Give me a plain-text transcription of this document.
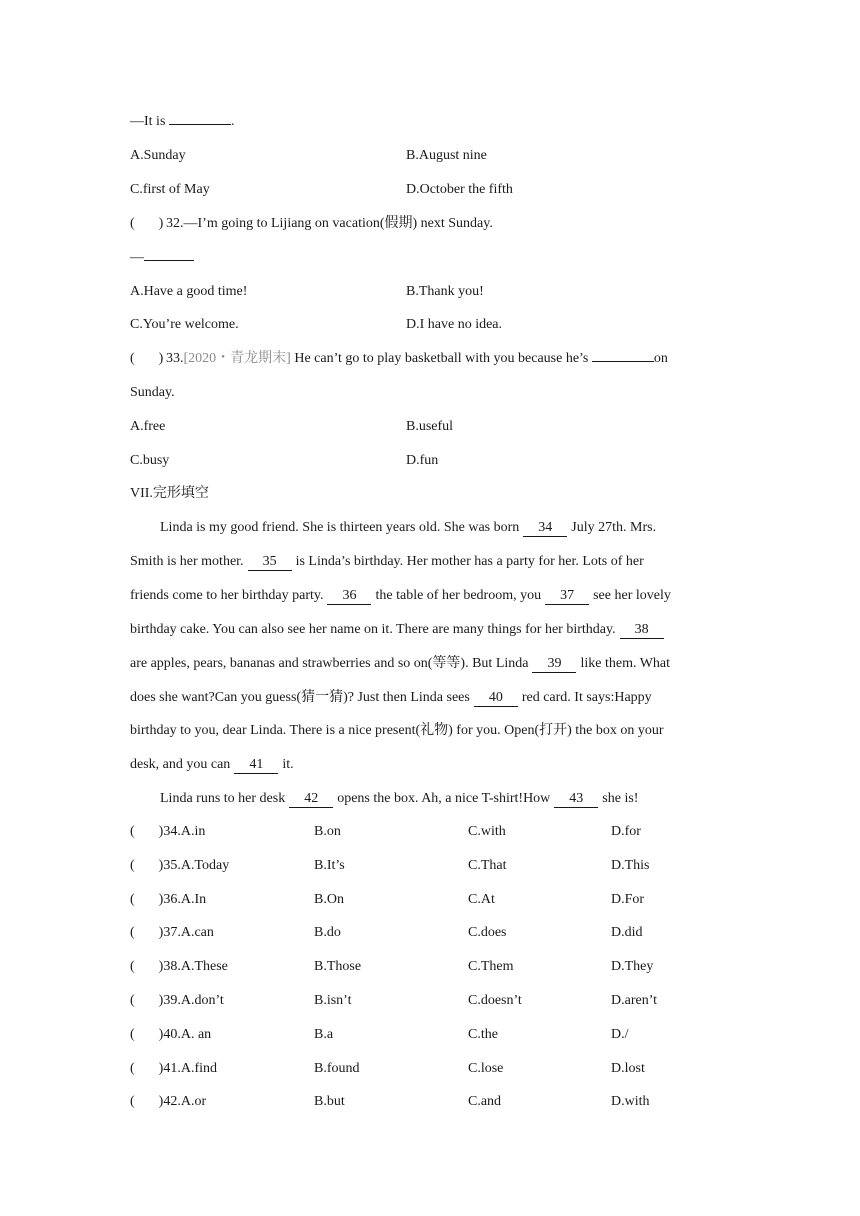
—It is	.
A.Sunday	B.August nine
C.first of May	D.October the fifth
( ) 32.—I’m going to Lijiang on vacation(假期) next Sunday.
—
A.Have a good time!	B.Thank you!
C.You’re welcome.	D.I have no idea.
( ) 33.[2020・青龙期末] He can’t go to play basketball with you because he’s	on
Sunday.
A.free	B.useful
C.busy	D.fun
VII.完形填空
Linda is my good friend. She is thirteen years old. She was born 34 July 27th. Mrs.
Smith is her mother. 35 is Linda’s birthday. Her mother has a party for her. Lots of her
friends come to her birthday party. 36 the table of her bedroom, you 37 see her lovely
birthday cake. You can also see her name on it. There are many things for her birthday. 38
are apples, pears, bananas and strawberries and so on(等等). But Linda 39 like them. What
does she want?Can you guess(猜一猜)? Just then Linda sees 40 red card. It says:Happy
birthday to you, dear Linda. There is a nice present(礼物) for you. Open(打开) the box on your
desk, and you can 41 it.
Linda runs to her desk 42 opens the box. Ah, a nice T-shirt!How 43 she is!
( )34.A.in	B.on	C.with	D.for
( )35.A.Today	B.It’s	C.That	D.This
( )36.A.In	B.On	C.At	D.For
( )37.A.can	B.do	C.does	D.did
( )38.A.These	B.Those	C.Them	D.They
( )39.A.don’t	B.isn’t	C.doesn’t	D.aren’t
( )40.A. an	B.a	C.the	D./
( )41.A.find	B.found	C.lose	D.lost
( )42.A.or	B.but	C.and	D.with
